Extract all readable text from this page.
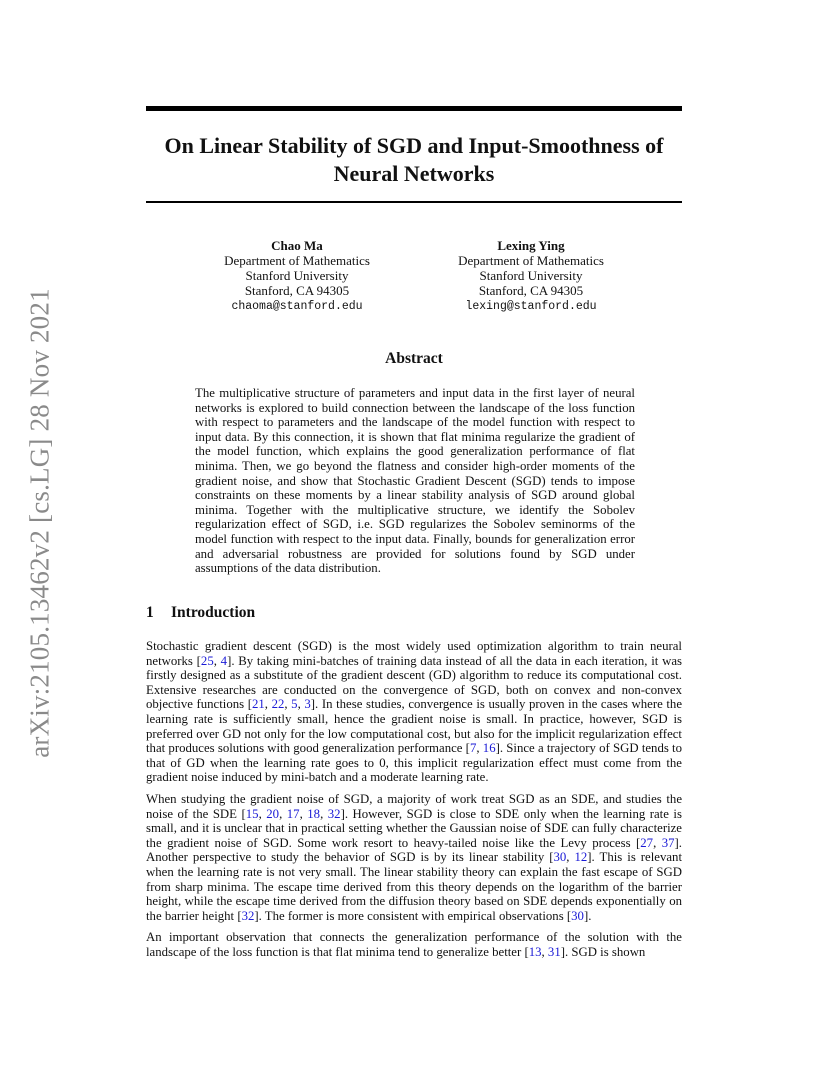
arXiv:2105.13462v2 [cs.LG] 28 Nov 2021
On Linear Stability of SGD and Input-Smoothness of Neural Networks
Chao Ma
Department of Mathematics
Stanford University
Stanford, CA 94305
chaoma@stanford.edu
Lexing Ying
Department of Mathematics
Stanford University
Stanford, CA 94305
lexing@stanford.edu
Abstract
The multiplicative structure of parameters and input data in the first layer of neural networks is explored to build connection between the landscape of the loss function with respect to parameters and the landscape of the model function with respect to input data. By this connection, it is shown that flat minima regularize the gradient of the model function, which explains the good generalization performance of flat minima. Then, we go beyond the flatness and consider high-order moments of the gradient noise, and show that Stochastic Gradient Descent (SGD) tends to impose constraints on these moments by a linear stability analysis of SGD around global minima. Together with the multiplicative structure, we identify the Sobolev regularization effect of SGD, i.e. SGD regularizes the Sobolev seminorms of the model function with respect to the input data. Finally, bounds for generalization error and adversarial robustness are provided for solutions found by SGD under assumptions of the data distribution.
1 Introduction

Stochastic gradient descent (SGD) is the most widely used optimization algorithm to train neural networks [25, 4]. By taking mini-batches of training data instead of all the data in each iteration, it was firstly designed as a substitute of the gradient descent (GD) algorithm to reduce its computational cost. Extensive researches are conducted on the convergence of SGD, both on convex and non-convex objective functions [21, 22, 5, 3]. In these studies, convergence is usually proven in the cases where the learning rate is sufficiently small, hence the gradient noise is small. In practice, however, SGD is preferred over GD not only for the low computational cost, but also for the implicit regularization effect that produces solutions with good generalization performance [7, 16]. Since a trajectory of SGD tends to that of GD when the learning rate goes to 0, this implicit regularization effect must come from the gradient noise induced by mini-batch and a moderate learning rate.

When studying the gradient noise of SGD, a majority of work treat SGD as an SDE, and studies the noise of the SDE [15, 20, 17, 18, 32]. However, SGD is close to SDE only when the learning rate is small, and it is unclear that in practical setting whether the Gaussian noise of SDE can fully characterize the gradient noise of SGD. Some work resort to heavy-tailed noise like the Levy process [27, 37]. Another perspective to study the behavior of SGD is by its linear stability [30, 12]. This is relevant when the learning rate is not very small. The linear stability theory can explain the fast escape of SGD from sharp minima. The escape time derived from this theory depends on the logarithm of the barrier height, while the escape time derived from the diffusion theory based on SDE depends exponentially on the barrier height [32]. The former is more consistent with empirical observations [30].

An important observation that connects the generalization performance of the solution with the landscape of the loss function is that flat minima tend to generalize better [13, 31]. SGD is shown
